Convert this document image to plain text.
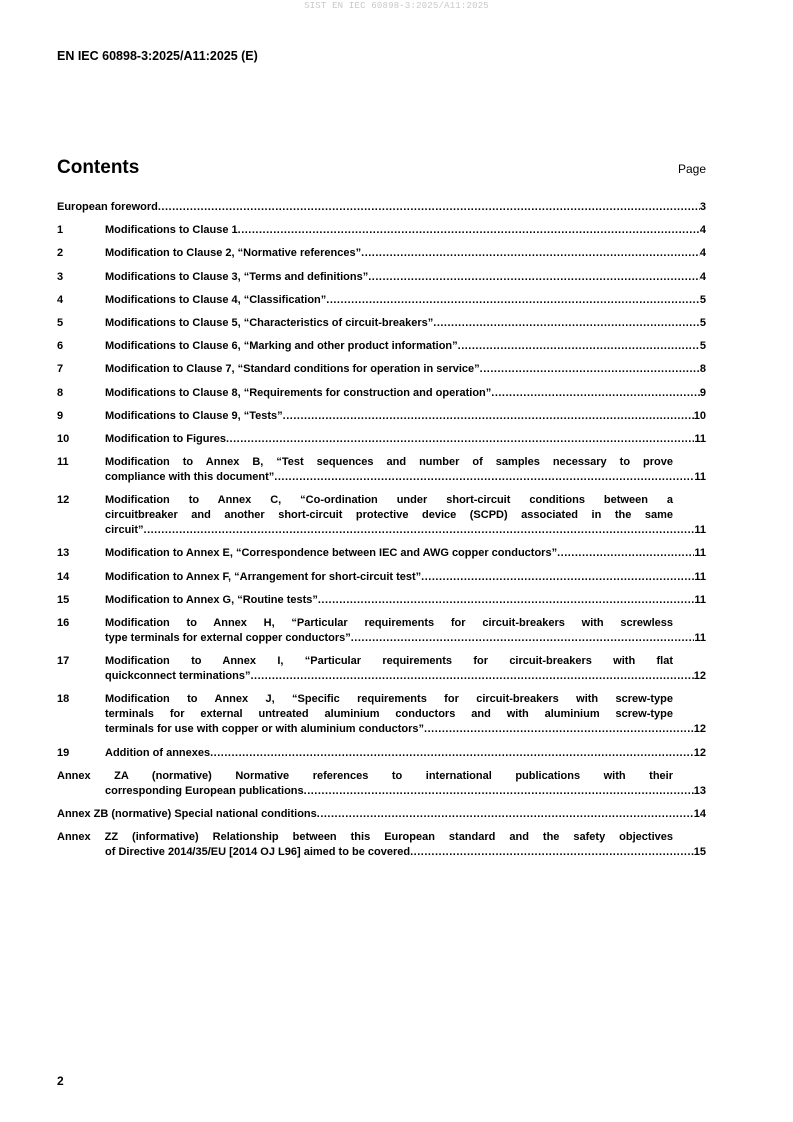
SIST EN IEC 60898-3:2025/A11:2025
EN IEC 60898-3:2025/A11:2025 (E)
Contents	Page
European foreword .....	3
1	Modifications to Clause 1 .....	4
2	Modification to Clause 2, “Normative references” .....	4
3	Modifications to Clause 3, “Terms and definitions” .....	4
4	Modifications to Clause 4, “Classification” .....	5
5	Modifications to Clause 5, “Characteristics of circuit-breakers” .....	5
6	Modifications to Clause 6, “Marking and other product information” .....	5
7	Modification to Clause 7, “Standard conditions for operation in service” .....	8
8	Modifications to Clause 8, “Requirements for construction and operation” .....	9
9	Modifications to Clause 9, “Tests” .....	10
10	Modification to Figures .....	11
11	Modification to Annex B, “Test sequences and number of samples necessary to prove
compliance with this document” .....	11
12	Modification to Annex C, “Co-ordination under short-circuit conditions between a
circuitbreaker and another short-circuit protective device (SCPD) associated in the same
circuit” .....	11
13	Modification to Annex E, “Correspondence between IEC and AWG copper conductors” .....	11
14	Modification to Annex F, “Arrangement for short-circuit test” .....	11
15	Modification to Annex G, “Routine tests” .....	11
16	Modification to Annex H, “Particular requirements for circuit-breakers with screwless
type terminals for external copper conductors” .....	11
17	Modification to Annex I, “Particular requirements for circuit-breakers with flat
quickconnect terminations” .....	12
18	Modification to Annex J, “Specific requirements for circuit-breakers with screw-type
terminals for external untreated aluminium conductors and with aluminium screw-type
terminals for use with copper or with aluminium conductors” .....	12
19	Addition of annexes .....	12
Annex ZA (normative) Normative references to international publications with their
corresponding European publications .....	13
Annex ZB (normative) Special national conditions .....	14
Annex ZZ (informative) Relationship between this European standard and the safety objectives
of Directive 2014/35/EU [2014 OJ L96] aimed to be covered .....	15
2
